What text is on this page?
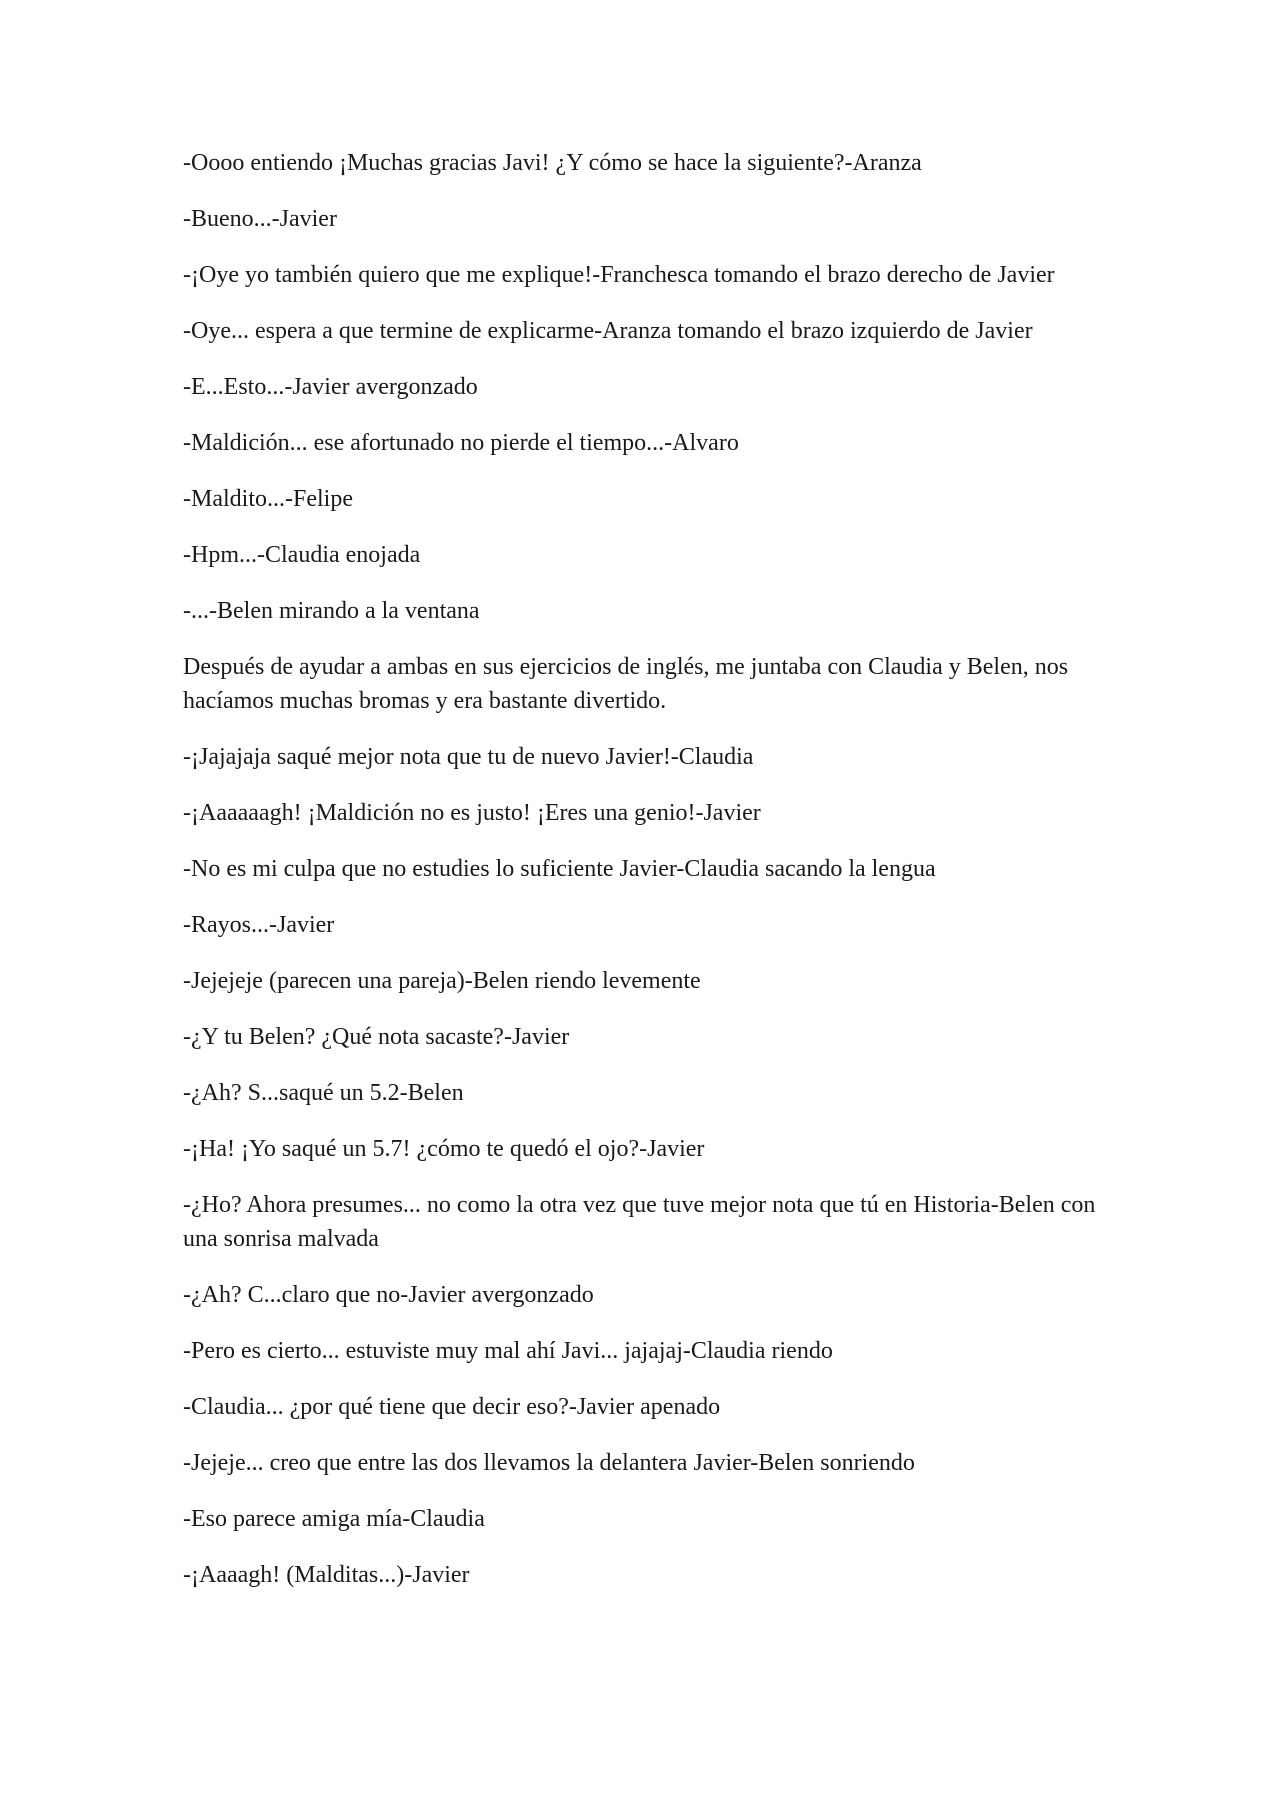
-Oooo entiendo ¡Muchas gracias Javi! ¿Y cómo se hace la siguiente?-Aranza

-Bueno...-Javier

-¡Oye yo también quiero que me explique!-Franchesca tomando el brazo derecho de Javier

-Oye... espera a que termine de explicarme-Aranza tomando el brazo izquierdo de Javier

-E...Esto...-Javier avergonzado

-Maldición... ese afortunado no pierde el tiempo...-Alvaro

-Maldito...-Felipe

-Hpm...-Claudia enojada

-...-Belen mirando a la ventana

Después de ayudar a ambas en sus ejercicios de inglés, me juntaba con Claudia y Belen, nos hacíamos muchas bromas y era bastante divertido.

-¡Jajajaja saqué mejor nota que tu de nuevo Javier!-Claudia

-¡Aaaaaagh! ¡Maldición no es justo! ¡Eres una genio!-Javier

-No es mi culpa que no estudies lo suficiente Javier-Claudia sacando la lengua

-Rayos...-Javier

-Jejejeje (parecen una pareja)-Belen riendo levemente

-¿Y tu Belen? ¿Qué nota sacaste?-Javier

-¿Ah? S...saqué un 5.2-Belen

-¡Ha! ¡Yo saqué un 5.7! ¿cómo te quedó el ojo?-Javier

-¿Ho? Ahora presumes... no como la otra vez que tuve mejor nota que tú en Historia-Belen con una sonrisa malvada

-¿Ah? C...claro que no-Javier avergonzado

-Pero es cierto... estuviste muy mal ahí Javi... jajajaj-Claudia riendo

-Claudia... ¿por qué tiene que decir eso?-Javier apenado

-Jejeje... creo que entre las dos llevamos la delantera Javier-Belen sonriendo

-Eso parece amiga mía-Claudia

-¡Aaaagh! (Malditas...)-Javier
